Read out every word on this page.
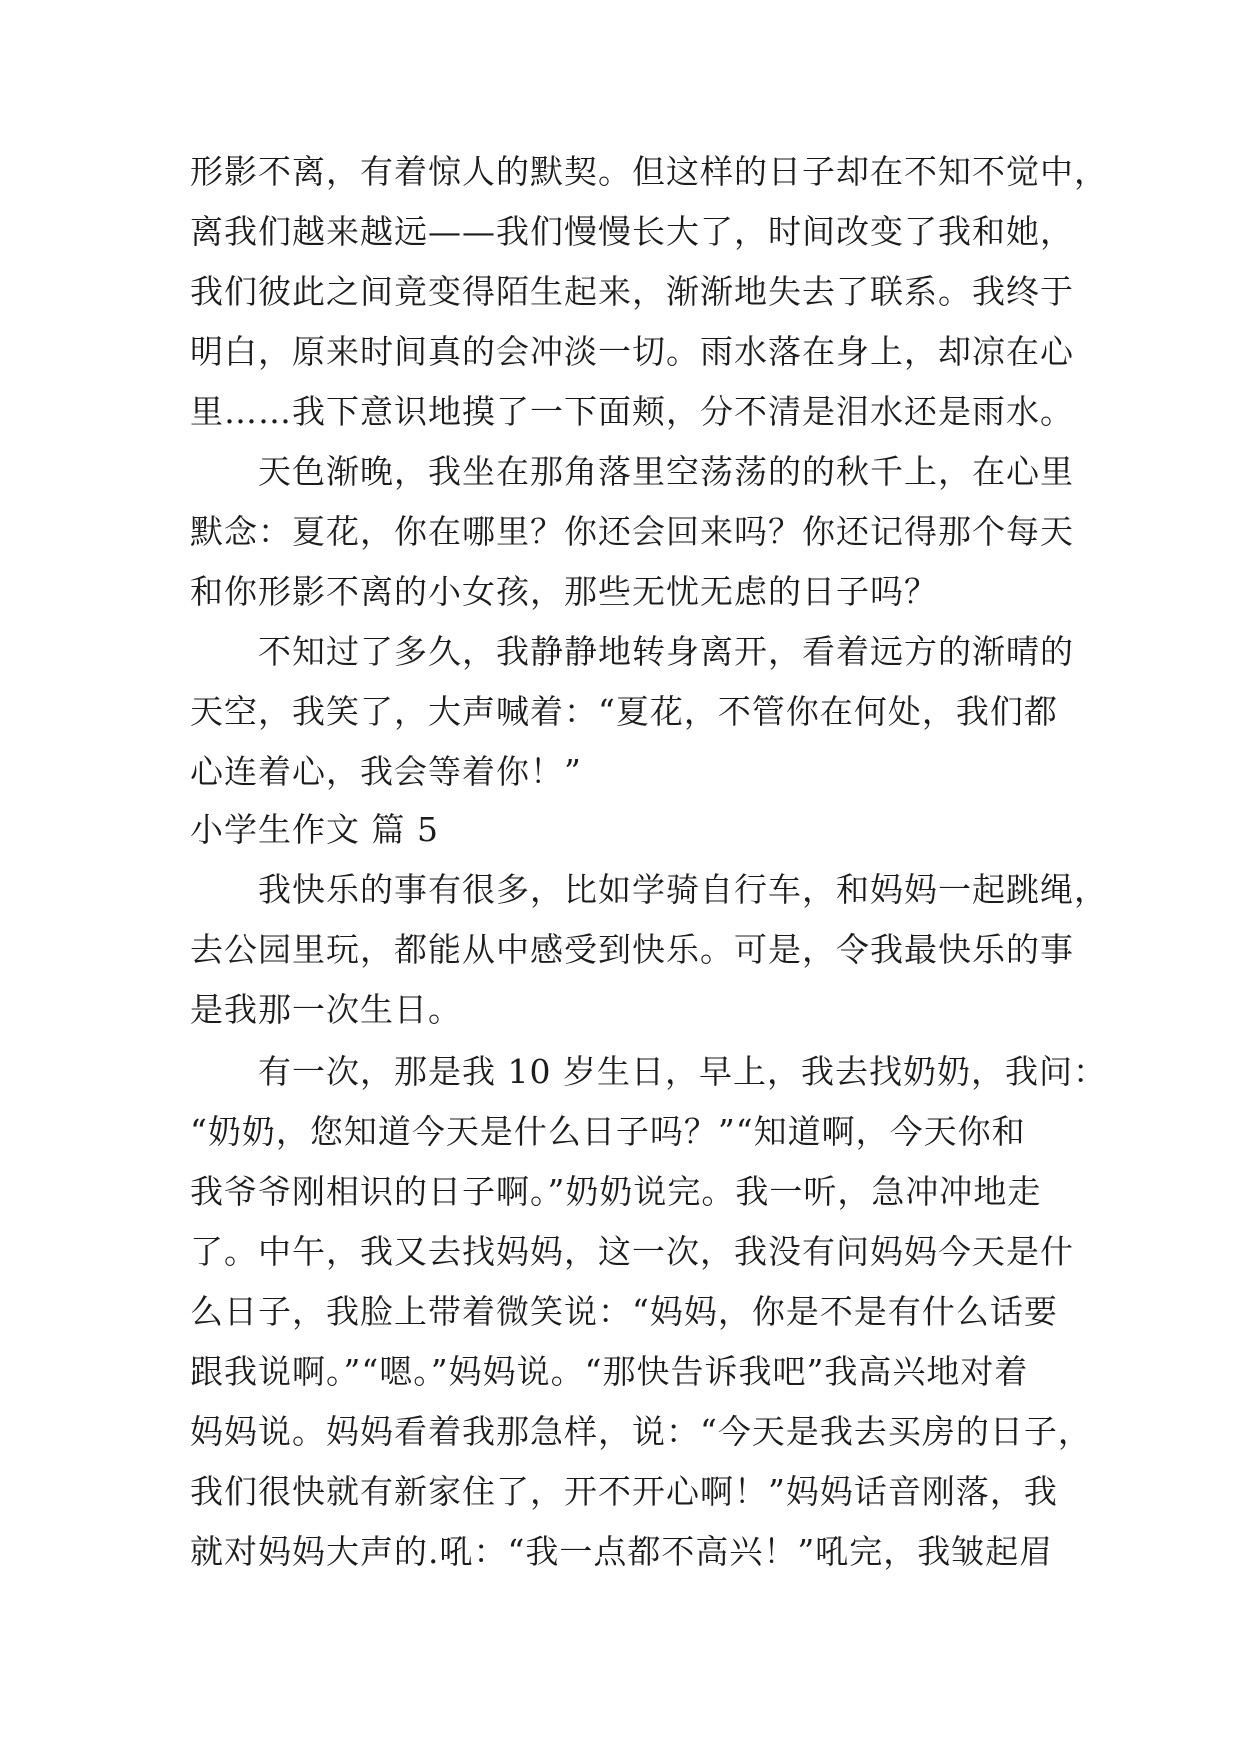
形影不离，有着惊人的默契。但这样的日子却在不知不觉中，
离我们越来越远——我们慢慢长大了，时间改变了我和她，
我们彼此之间竟变得陌生起来，渐渐地失去了联系。我终于
明白，原来时间真的会冲淡一切。雨水落在身上，却凉在心
里……我下意识地摸了一下面颊，分不清是泪水还是雨水。
天色渐晚，我坐在那角落里空荡荡的的秋千上，在心里
默念：夏花，你在哪里？你还会回来吗？你还记得那个每天
和你形影不离的小女孩，那些无忧无虑的日子吗？
不知过了多久，我静静地转身离开，看着远方的渐晴的
天空，我笑了，大声喊着：“夏花，不管你在何处，我们都
心连着心，我会等着你！”
小学生作文 篇 5
我快乐的事有很多，比如学骑自行车，和妈妈一起跳绳，
去公园里玩，都能从中感受到快乐。可是，令我最快乐的事
是我那一次生日。
有一次，那是我 10 岁生日，早上，我去找奶奶，我问：
“奶奶，您知道今天是什么日子吗？”“知道啊，今天你和
我爷爷刚相识的日子啊。”奶奶说完。我一听，急冲冲地走
了。中午，我又去找妈妈，这一次，我没有问妈妈今天是什
么日子，我脸上带着微笑说：“妈妈，你是不是有什么话要
跟我说啊。”“嗯。”妈妈说。“那快告诉我吧”我高兴地对着
妈妈说。妈妈看着我那急样，说：“今天是我去买房的日子，
我们很快就有新家住了，开不开心啊！”妈妈话音刚落，我
就对妈妈大声的.吼：“我一点都不高兴！”吼完，我皱起眉
